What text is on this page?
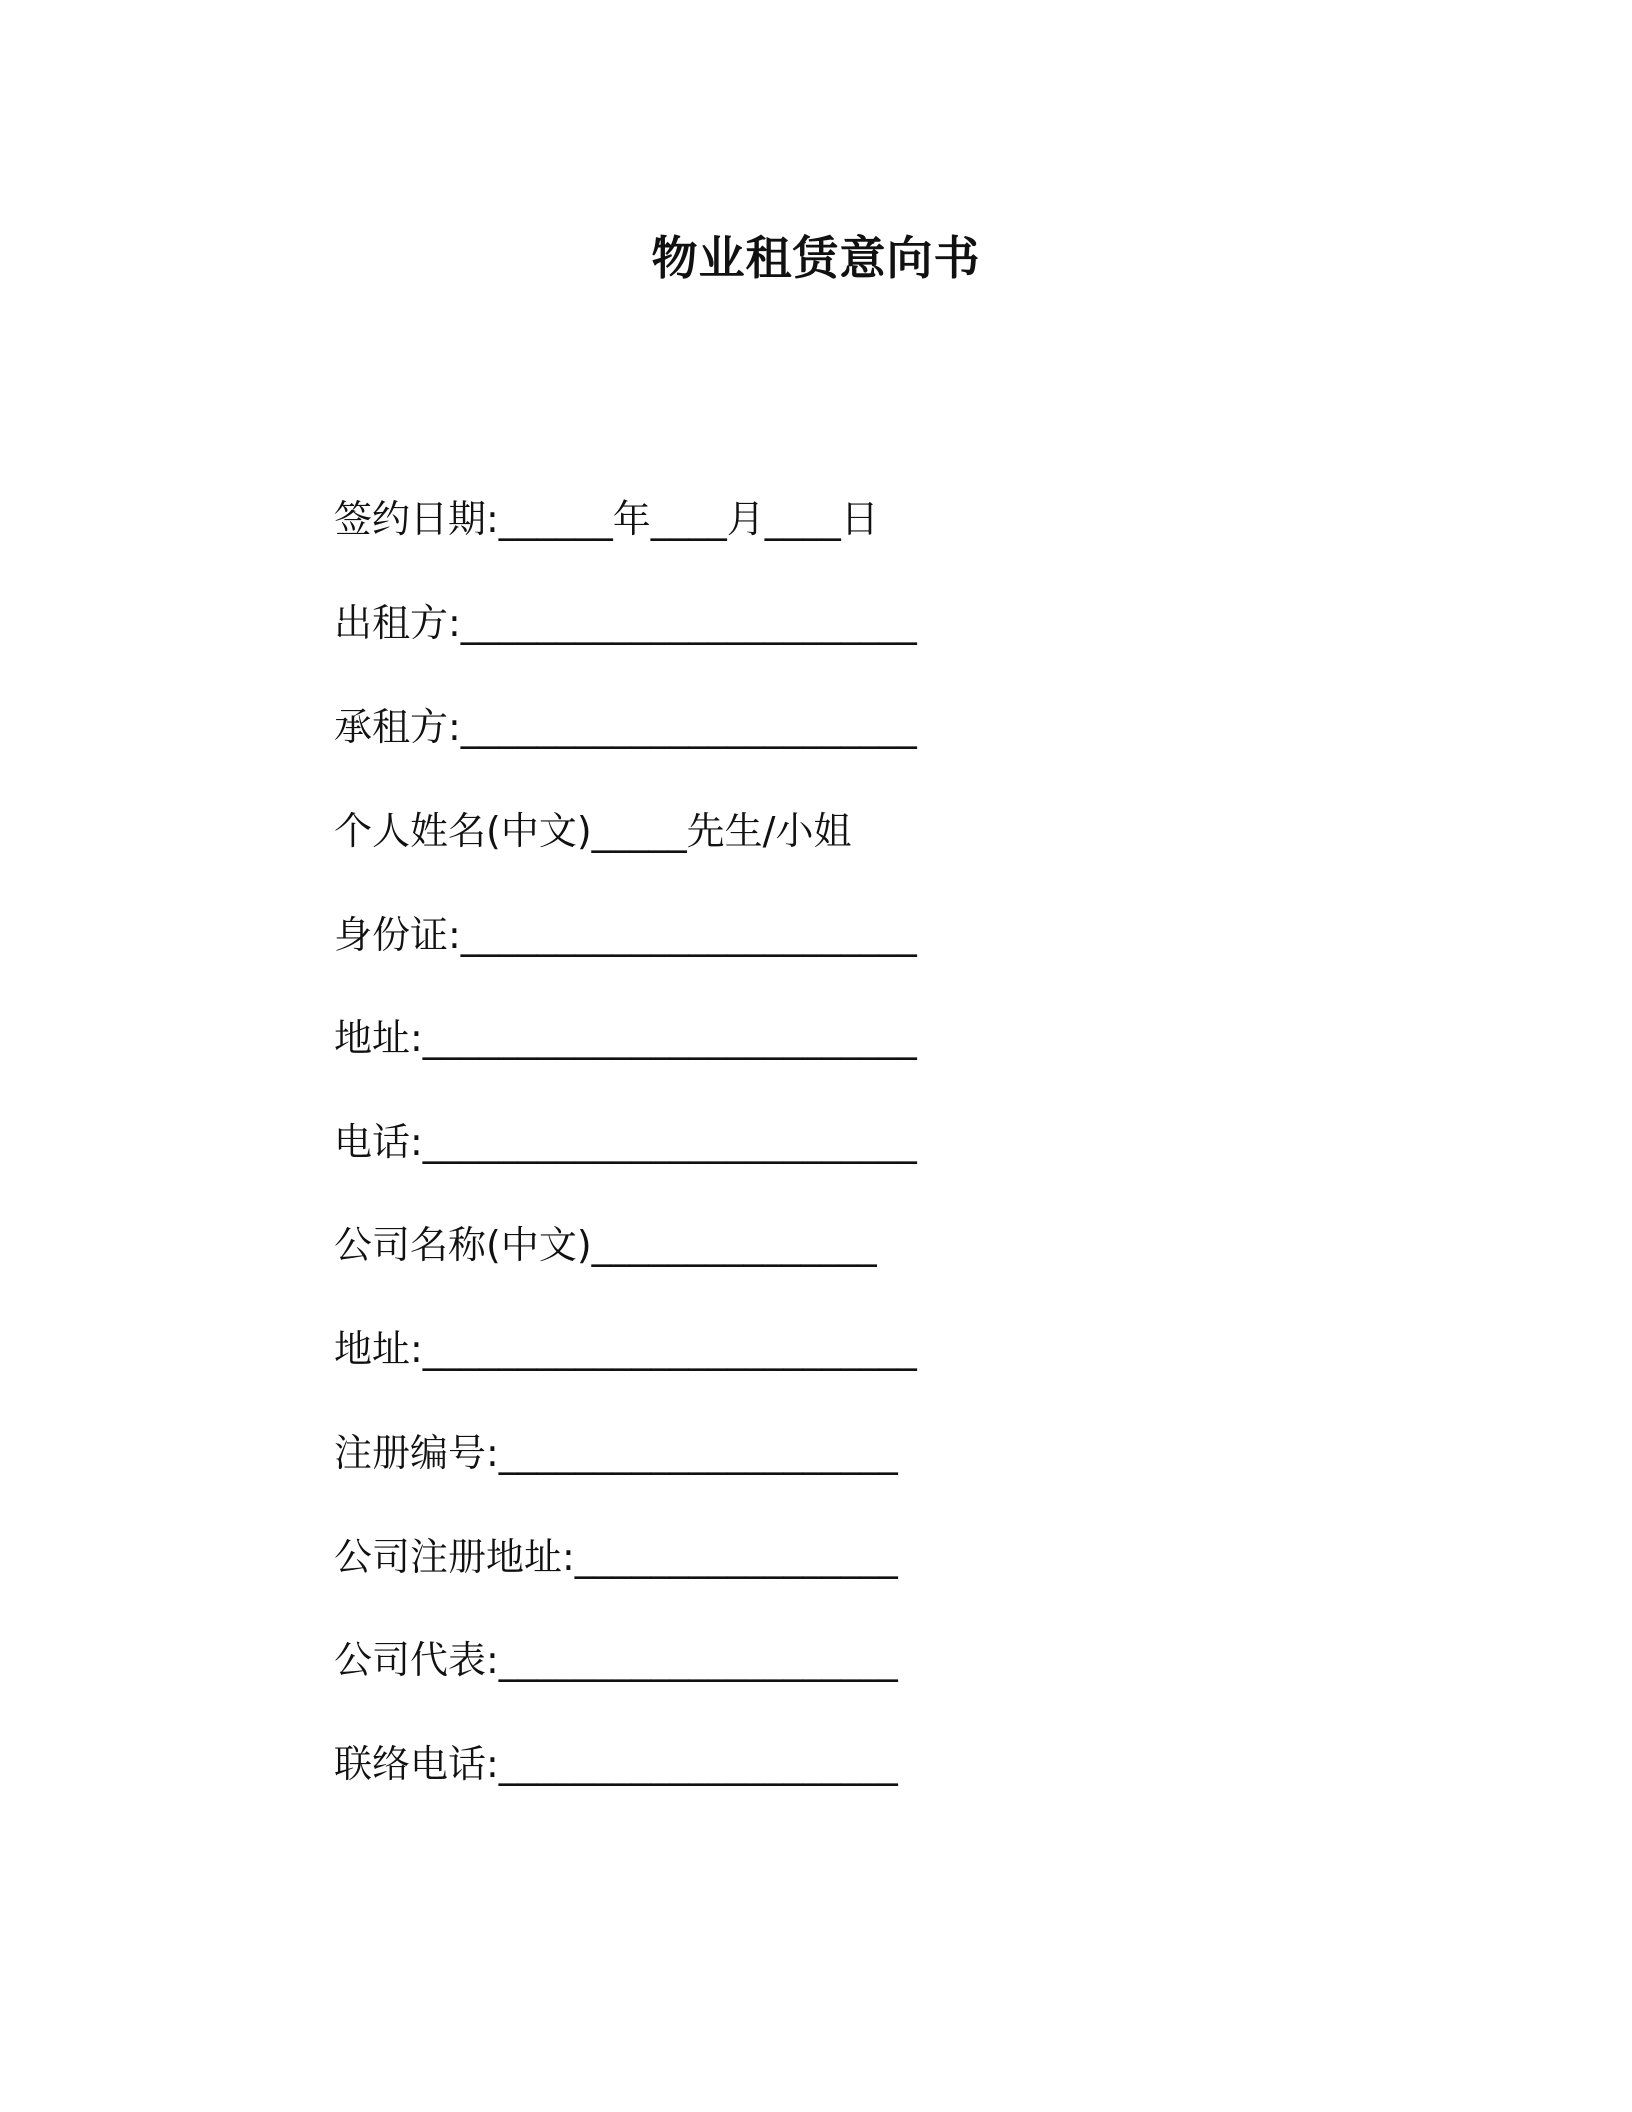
物业租赁意向书
签约日期:______年____月____日
出租方:________________________
承租方:________________________
个人姓名(中文)_____先生/小姐
身份证:________________________
地址:__________________________
电话:__________________________
公司名称(中文)_______________
地址:__________________________
注册编号:_____________________
公司注册地址:_________________
公司代表:_____________________
联络电话:_____________________
